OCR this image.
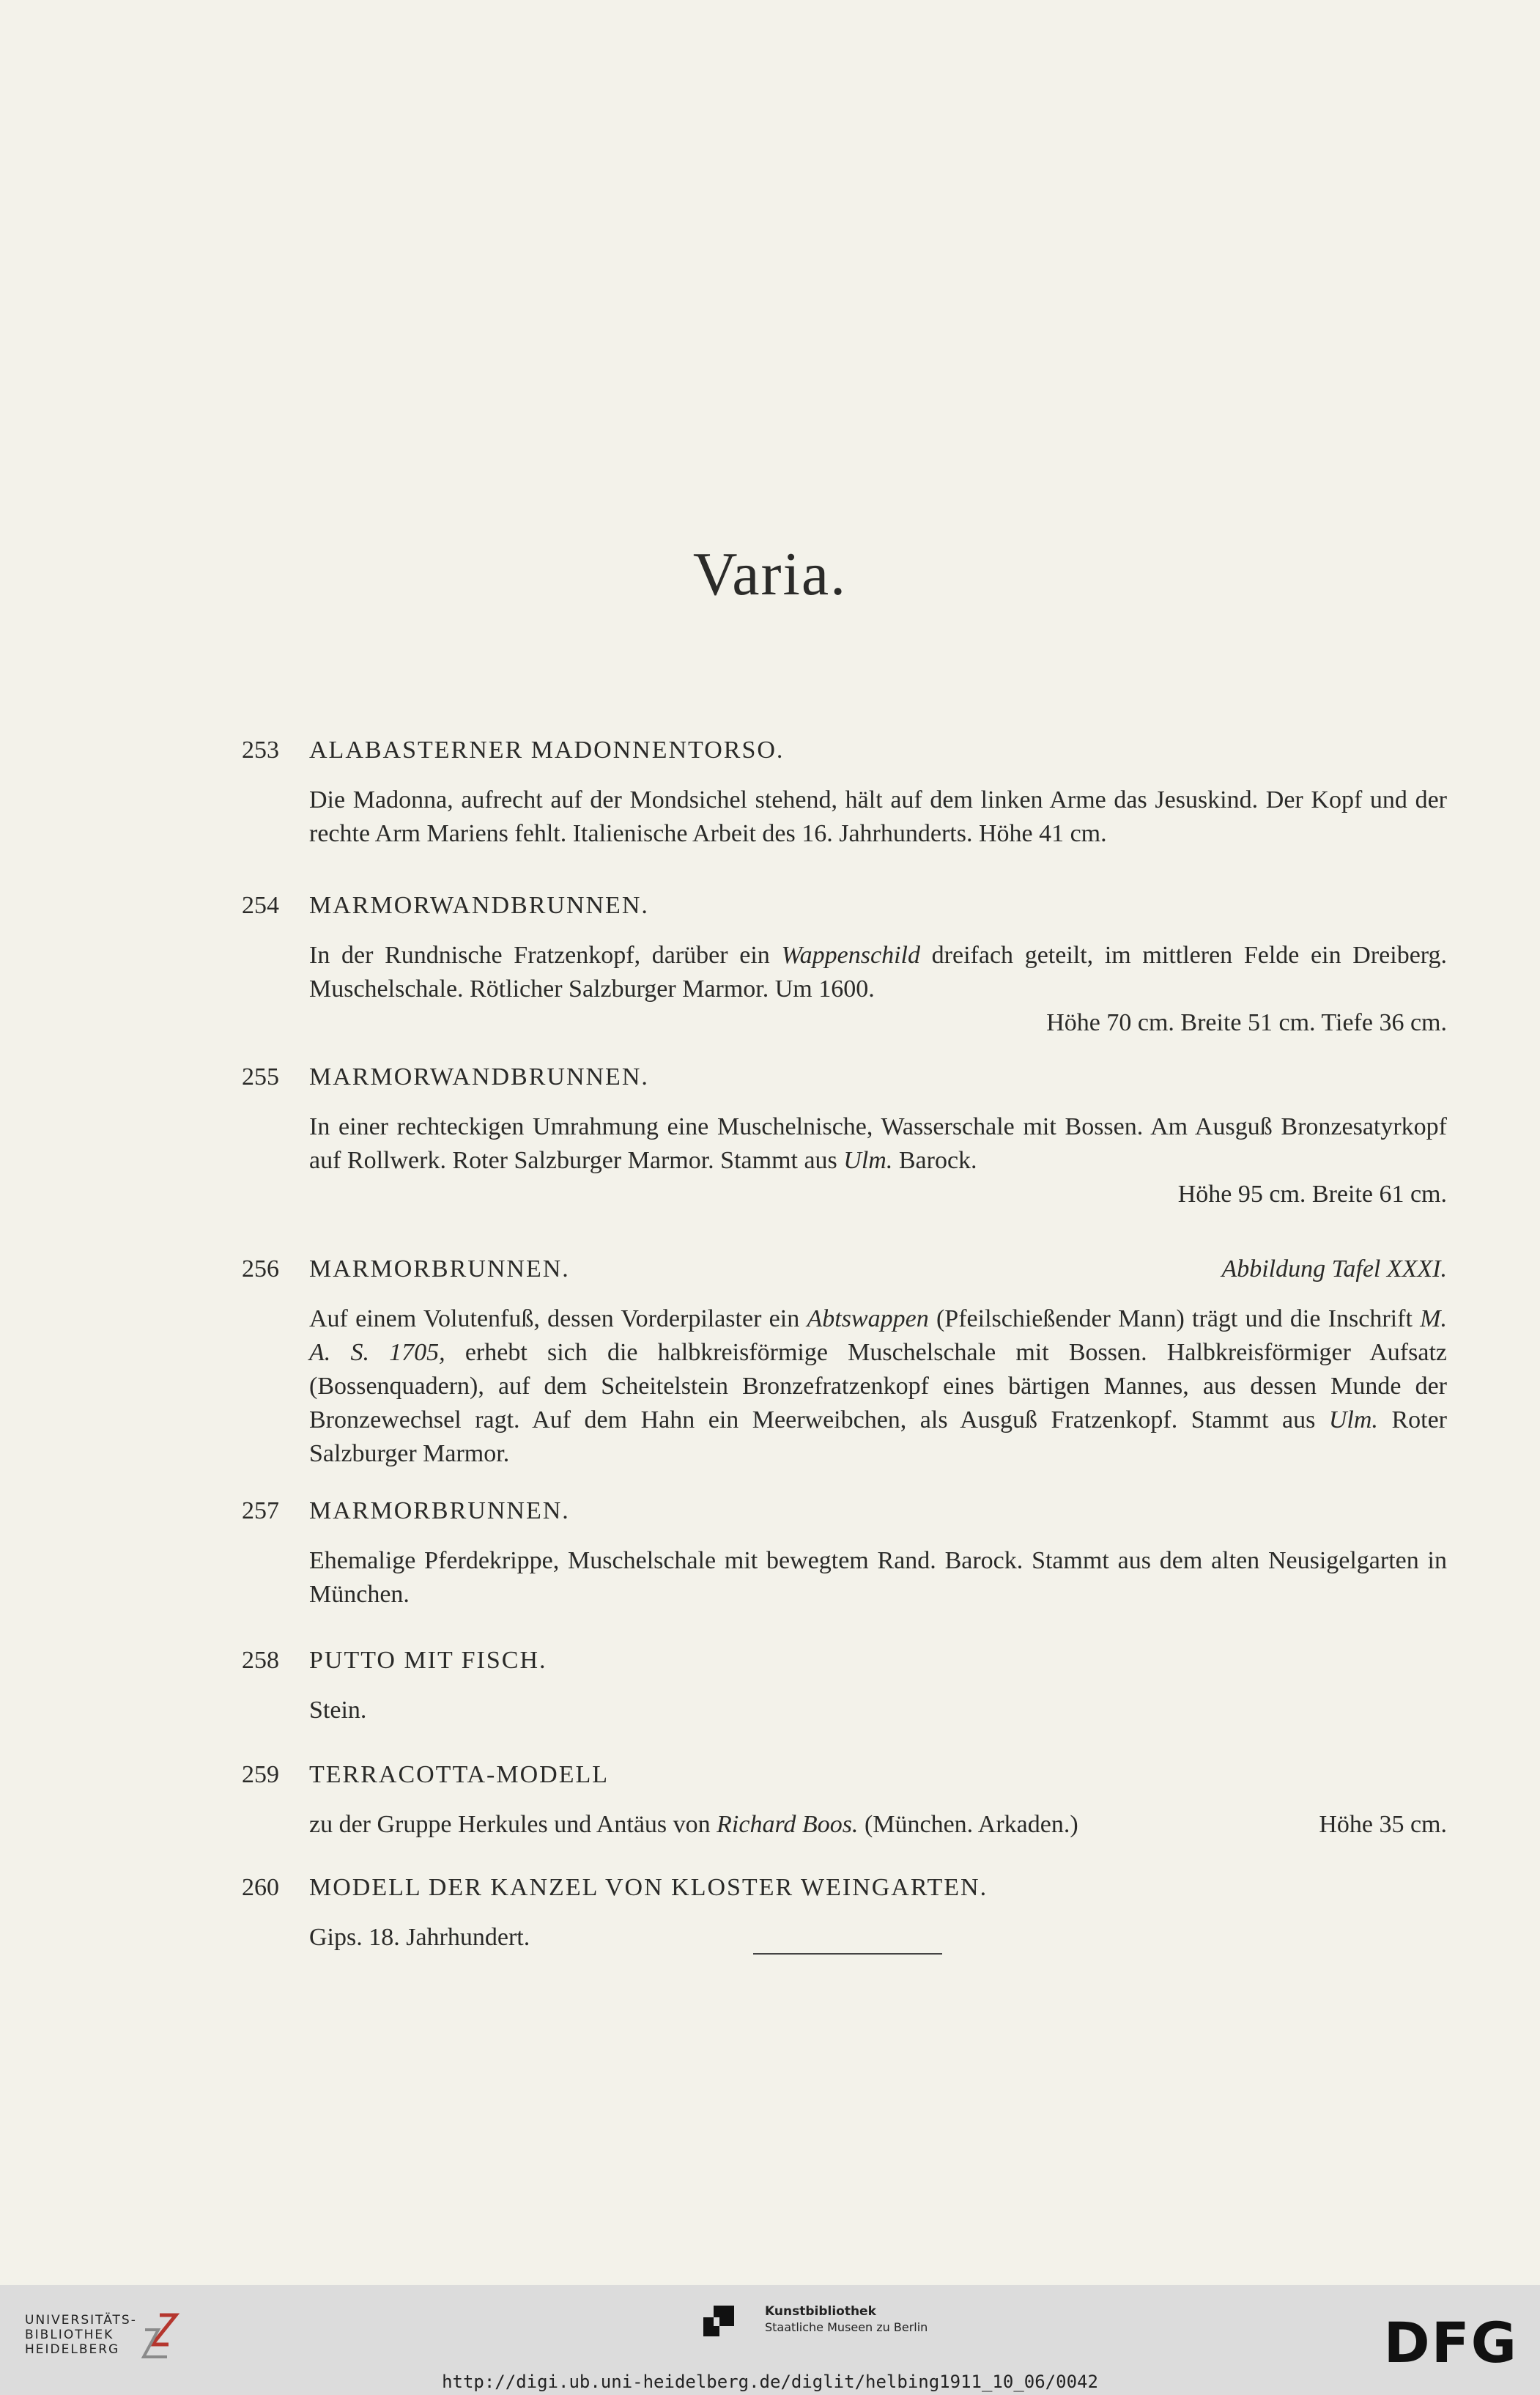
Varia.
253	ALABASTERNER MADONNENTORSO.

Die Madonna, aufrecht auf der Mondsichel stehend, hält auf dem linken Arme das Jesuskind. Der Kopf und der rechte Arm Mariens fehlt. Italienische Arbeit des 16. Jahrhunderts. Höhe 41 cm.

254	MARMORWANDBRUNNEN.

In der Rundnische Fratzenkopf, darüber ein Wappenschild dreifach geteilt, im mittleren Felde ein Dreiberg. Muschelschale. Rötlicher Salzburger Marmor. Um 1600.

Höhe 70 cm. Breite 51 cm. Tiefe 36 cm.

255	MARMORWANDBRUNNEN.

In einer rechteckigen Umrahmung eine Muschelnische, Wasserschale mit Bossen. Am Ausguß Bronzesatyrkopf auf Rollwerk. Roter Salzburger Marmor. Stammt aus Ulm. Barock.

Höhe 95 cm. Breite 61 cm.

256	MARMORBRUNNEN.	Abbildung Tafel XXXI.

Auf einem Volutenfuß, dessen Vorderpilaster ein Abtswappen (Pfeilschießender Mann) trägt und die Inschrift M. A. S. 1705, erhebt sich die halbkreisförmige Muschelschale mit Bossen. Halbkreisförmiger Aufsatz (Bossenquadern), auf dem Scheitelstein Bronzefratzenkopf eines bärtigen Mannes, aus dessen Munde der Bronzewechsel ragt. Auf dem Hahn ein Meerweibchen, als Ausguß Fratzenkopf. Stammt aus Ulm. Roter Salzburger Marmor.

257	MARMORBRUNNEN.

Ehemalige Pferdekrippe, Muschelschale mit bewegtem Rand. Barock. Stammt aus dem alten Neusigelgarten in München.

258	PUTTO MIT FISCH.

Stein.

259	TERRACOTTA-MODELL

zu der Gruppe Herkules und Antäus von Richard Boos. (München. Arkaden.)	Höhe 35 cm.

260	MODELL DER KANZEL VON KLOSTER WEINGARTEN.

Gips. 18. Jahrhundert.

UNIVERSITÄTS-
BIBLIOTHEK
HEIDELBERG
Kunstbibliothek
Staatliche Museen zu Berlin	DFG
http://digi.ub.uni-heidelberg.de/diglit/helbing1911_10_06/0042
